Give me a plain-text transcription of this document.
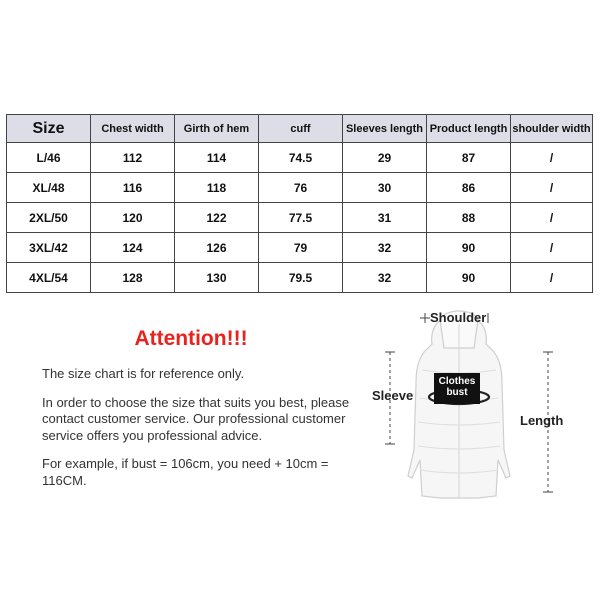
Size	Chest width	Girth of hem	cuff	Sleeves length	Product length	shoulder width
L/46	112	114	74.5	29	87	/
XL/48	116	118	76	30	86	/
2XL/50	120	122	77.5	31	88	/
3XL/42	124	126	79	32	90	/
4XL/54	128	130	79.5	32	90	/
Attention!!!

The size chart is for reference only.

In order to choose the size that suits you best, please contact customer service. Our professional customer service offers you professional advice.

For example, if bust = 106cm, you need + 10cm = 116CM.

Shoulder
Sleeve
Length
Clothes
bust
